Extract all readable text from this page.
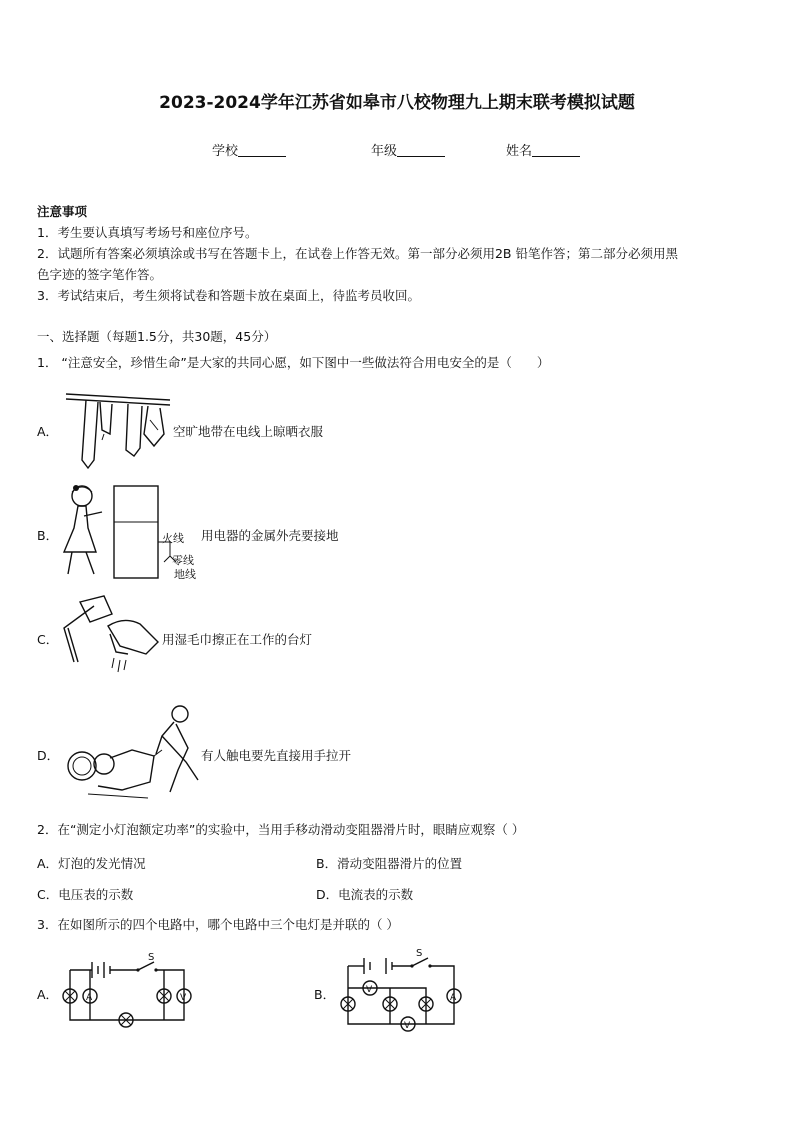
2023-2024学年江苏省如皋市八校物理九上期末联考模拟试题
学校	年级	姓名
注意事项
1．考生要认真填写考场号和座位序号。
2．试题所有答案必须填涂或书写在答题卡上，在试卷上作答无效。第一部分必须用2B 铅笔作答；第二部分必须用黑
色字迹的签字笔作答。
3．考试结束后，考生须将试卷和答题卡放在桌面上，待监考员收回。
一、选择题（每题1.5分，共30题，45分）
1． “注意安全，珍惜生命”是大家的共同心愿，如下图中一些做法符合用电安全的是（　　）
A．	空旷地带在电线上晾晒衣服
B．	火线
零线
地线
用电器的金属外壳要接地
C．	用湿毛巾擦正在工作的台灯
D．	有人触电要先直接用手拉开
2．在“测定小灯泡额定功率”的实验中，当用手移动滑动变阻器滑片时，眼睛应观察（ ）
A．灯泡的发光情况	B．滑动变阻器滑片的位置
C．电压表的示数	D．电流表的示数
3．在如图所示的四个电路中，哪个电路中三个电灯是并联的（ ）
A．
S
A	V	B．
S
V
A
V
